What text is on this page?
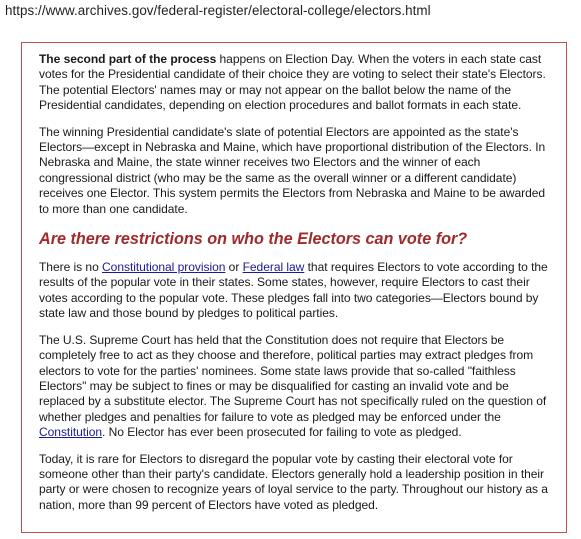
https://www.archives.gov/federal-register/electoral-college/electors.html

The second part of the process happens on Election Day. When the voters in each state cast votes for the Presidential candidate of their choice they are voting to select their state's Electors. The potential Electors' names may or may not appear on the ballot below the name of the Presidential candidates, depending on election procedures and ballot formats in each state.

The winning Presidential candidate's slate of potential Electors are appointed as the state's Electors—except in Nebraska and Maine, which have proportional distribution of the Electors. In Nebraska and Maine, the state winner receives two Electors and the winner of each congressional district (who may be the same as the overall winner or a different candidate) receives one Elector. This system permits the Electors from Nebraska and Maine to be awarded to more than one candidate.

Are there restrictions on who the Electors can vote for?

There is no Constitutional provision or Federal law that requires Electors to vote according to the results of the popular vote in their states. Some states, however, require Electors to cast their votes according to the popular vote. These pledges fall into two categories—Electors bound by state law and those bound by pledges to political parties.

The U.S. Supreme Court has held that the Constitution does not require that Electors be completely free to act as they choose and therefore, political parties may extract pledges from electors to vote for the parties' nominees. Some state laws provide that so-called "faithless Electors" may be subject to fines or may be disqualified for casting an invalid vote and be replaced by a substitute elector. The Supreme Court has not specifically ruled on the question of whether pledges and penalties for failure to vote as pledged may be enforced under the Constitution. No Elector has ever been prosecuted for failing to vote as pledged.

Today, it is rare for Electors to disregard the popular vote by casting their electoral vote for someone other than their party's candidate. Electors generally hold a leadership position in their party or were chosen to recognize years of loyal service to the party. Throughout our history as a nation, more than 99 percent of Electors have voted as pledged.
